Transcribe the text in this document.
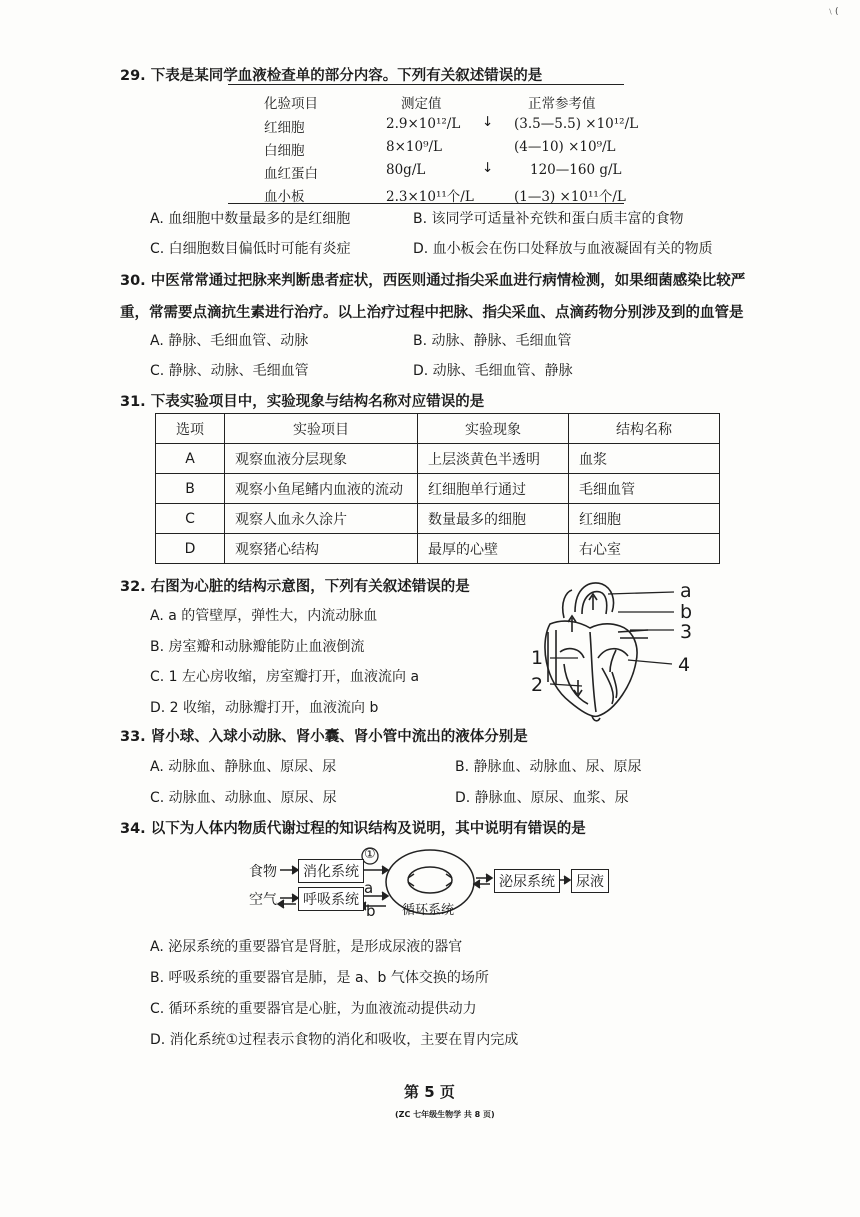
﹨(
29. 下表是某同学血液检查单的部分内容。下列有关叙述错误的是
化验项目	测定值	正常参考值
红细胞	2.9×10¹²/L ↓ (3.5—5.5) ×10¹²/L
白细胞	8×10⁹/L	(4—10) ×10⁹/L
血红蛋白	80g/L	↓	120—160 g/L
血小板	2.3×10¹¹个/L	(1—3) ×10¹¹个/L
A. 血细胞中数量最多的是红细胞	B. 该同学可适量补充铁和蛋白质丰富的食物
C. 白细胞数目偏低时可能有炎症	D. 血小板会在伤口处释放与血液凝固有关的物质
30. 中医常常通过把脉来判断患者症状，西医则通过指尖采血进行病情检测，如果细菌感染比较严
重，常需要点滴抗生素进行治疗。以上治疗过程中把脉、指尖采血、点滴药物分别涉及到的血管是
A. 静脉、毛细血管、动脉	B. 动脉、静脉、毛细血管
C. 静脉、动脉、毛细血管	D. 动脉、毛细血管、静脉
31. 下表实验项目中，实验现象与结构名称对应错误的是
选项	实验项目	实验现象	结构名称
A	观察血液分层现象	上层淡黄色半透明	血浆
B	观察小鱼尾鳍内血液的流动	红细胞单行通过	毛细血管
C	观察人血永久涂片	数量最多的细胞	红细胞
D	观察猪心结构	最厚的心壁	右心室
32. 右图为心脏的结构示意图，下列有关叙述错误的是
A. a 的管壁厚，弹性大，内流动脉血
B. 房室瓣和动脉瓣能防止血液倒流
C. 1 左心房收缩，房室瓣打开，血液流向 a
D. 2 收缩，动脉瓣打开，血液流向 b
a
b
3
4
1
2
33. 肾小球、入球小动脉、肾小囊、肾小管中流出的液体分别是
A. 动脉血、静脉血、原尿、尿	B. 静脉血、动脉血、尿、原尿
C. 动脉血、动脉血、原尿、尿	D. 静脉血、原尿、血浆、尿
34. 以下为人体内物质代谢过程的知识结构及说明，其中说明有错误的是
食物	消化系统
①
空气	呼吸系统
a
b 循环系统
泌尿系统	尿液
A. 泌尿系统的重要器官是肾脏，是形成尿液的器官
B. 呼吸系统的重要器官是肺，是 a、b 气体交换的场所
C. 循环系统的重要器官是心脏，为血液流动提供动力
D. 消化系统①过程表示食物的消化和吸收，主要在胃内完成
第 5 页
(ZC 七年级生物学 共 8 页)
